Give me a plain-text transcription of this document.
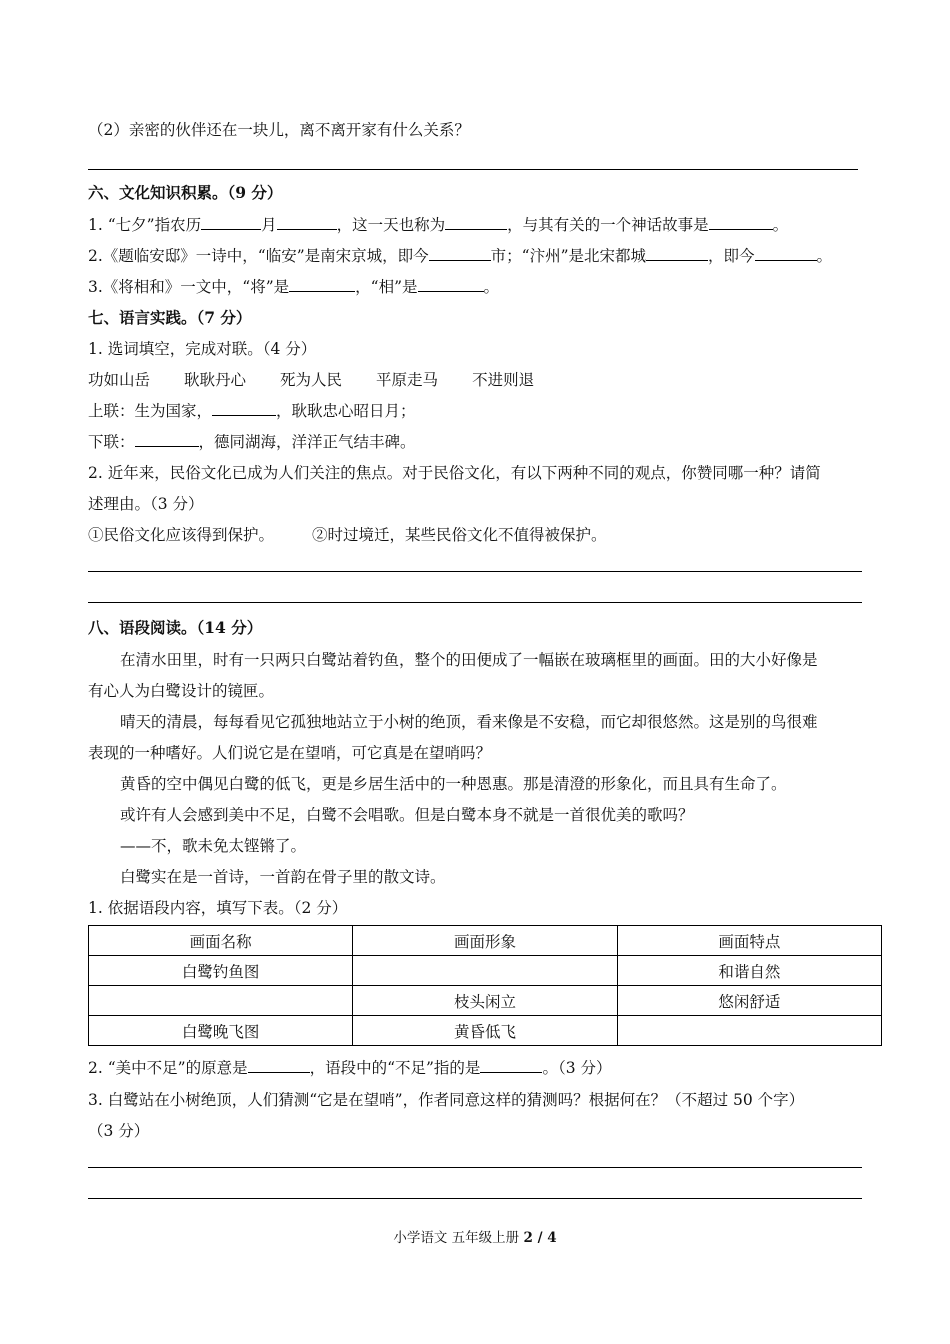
（2）亲密的伙伴还在一块儿，离不离开家有什么关系？
六、文化知识积累。（9 分）
1. “七夕”指农历	月	，这一天也称为	，与其有关的一个神话故事是	。
2.《题临安邸》一诗中，“临安”是南宋京城，即今	市；“汴州”是北宋都城	，即今	。
3.《将相和》一文中，“将”是	，“相”是	。
七、语言实践。（7 分）
1. 选词填空，完成对联。（4 分）
功如山岳 耿耿丹心 死为人民 平原走马 不进则退
上联：生为国家，	，耿耿忠心昭日月；
下联：	，德同湖海，洋洋正气结丰碑。
2. 近年来，民俗文化已成为人们关注的焦点。对于民俗文化，有以下两种不同的观点，你赞同哪一种？请简
述理由。（3 分）
①民俗文化应该得到保护。 ②时过境迁，某些民俗文化不值得被保护。
八、语段阅读。（14 分）
在清水田里，时有一只两只白鹭站着钓鱼，整个的田便成了一幅嵌在玻璃框里的画面。田的大小好像是
有心人为白鹭设计的镜匣。
晴天的清晨，每每看见它孤独地站立于小树的绝顶，看来像是不安稳，而它却很悠然。这是别的鸟很难
表现的一种嗜好。人们说它是在望哨，可它真是在望哨吗？
黄昏的空中偶见白鹭的低飞，更是乡居生活中的一种恩惠。那是清澄的形象化，而且具有生命了。
或许有人会感到美中不足，白鹭不会唱歌。但是白鹭本身不就是一首很优美的歌吗？
——不，歌未免太铿锵了。
白鹭实在是一首诗，一首韵在骨子里的散文诗。
1. 依据语段内容，填写下表。（2 分）
画面名称	画面形象	画面特点
白鹭钓鱼图		和谐自然
	枝头闲立	悠闲舒适
白鹭晚飞图	黄昏低飞	
2. “美中不足”的原意是	，语段中的“不足”指的是	。（3 分）
3. 白鹭站在小树绝顶，人们猜测“它是在望哨”，作者同意这样的猜测吗？根据何在？（不超过 50 个字）
（3 分）
小学语文 五年级上册 2 / 4
